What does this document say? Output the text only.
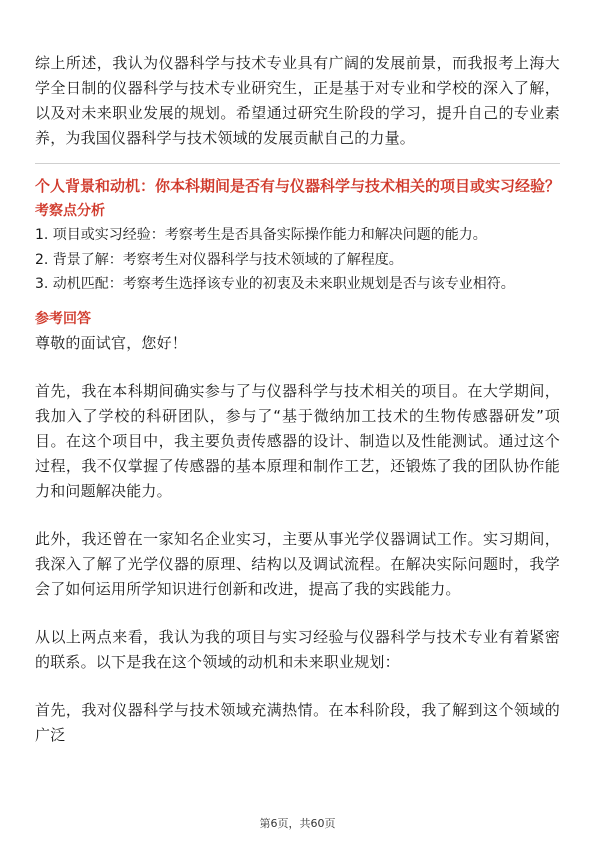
综上所述，我认为仪器科学与技术专业具有广阔的发展前景，而我报考上海大学全日制的仪器科学与技术专业研究生，正是基于对专业和学校的深入了解，以及对未来职业发展的规划。希望通过研究生阶段的学习，提升自己的专业素养，为我国仪器科学与技术领域的发展贡献自己的力量。

个人背景和动机：你本科期间是否有与仪器科学与技术相关的项目或实习经验？
考察点分析
1. 项目或实习经验：考察考生是否具备实际操作能力和解决问题的能力。
2. 背景了解：考察考生对仪器科学与技术领域的了解程度。
3. 动机匹配：考察考生选择该专业的初衷及未来职业规划是否与该专业相符。
参考回答

尊敬的面试官，您好！

首先，我在本科期间确实参与了与仪器科学与技术相关的项目。在大学期间，我加入了学校的科研团队，参与了“基于微纳加工技术的生物传感器研发”项目。在这个项目中，我主要负责传感器的设计、制造以及性能测试。通过这个过程，我不仅掌握了传感器的基本原理和制作工艺，还锻炼了我的团队协作能力和问题解决能力。

此外，我还曾在一家知名企业实习，主要从事光学仪器调试工作。实习期间，我深入了解了光学仪器的原理、结构以及调试流程。在解决实际问题时，我学会了如何运用所学知识进行创新和改进，提高了我的实践能力。

从以上两点来看，我认为我的项目与实习经验与仪器科学与技术专业有着紧密的联系。以下是我在这个领域的动机和未来职业规划：

首先，我对仪器科学与技术领域充满热情。在本科阶段，我了解到这个领域的广泛

第6页，共60页
